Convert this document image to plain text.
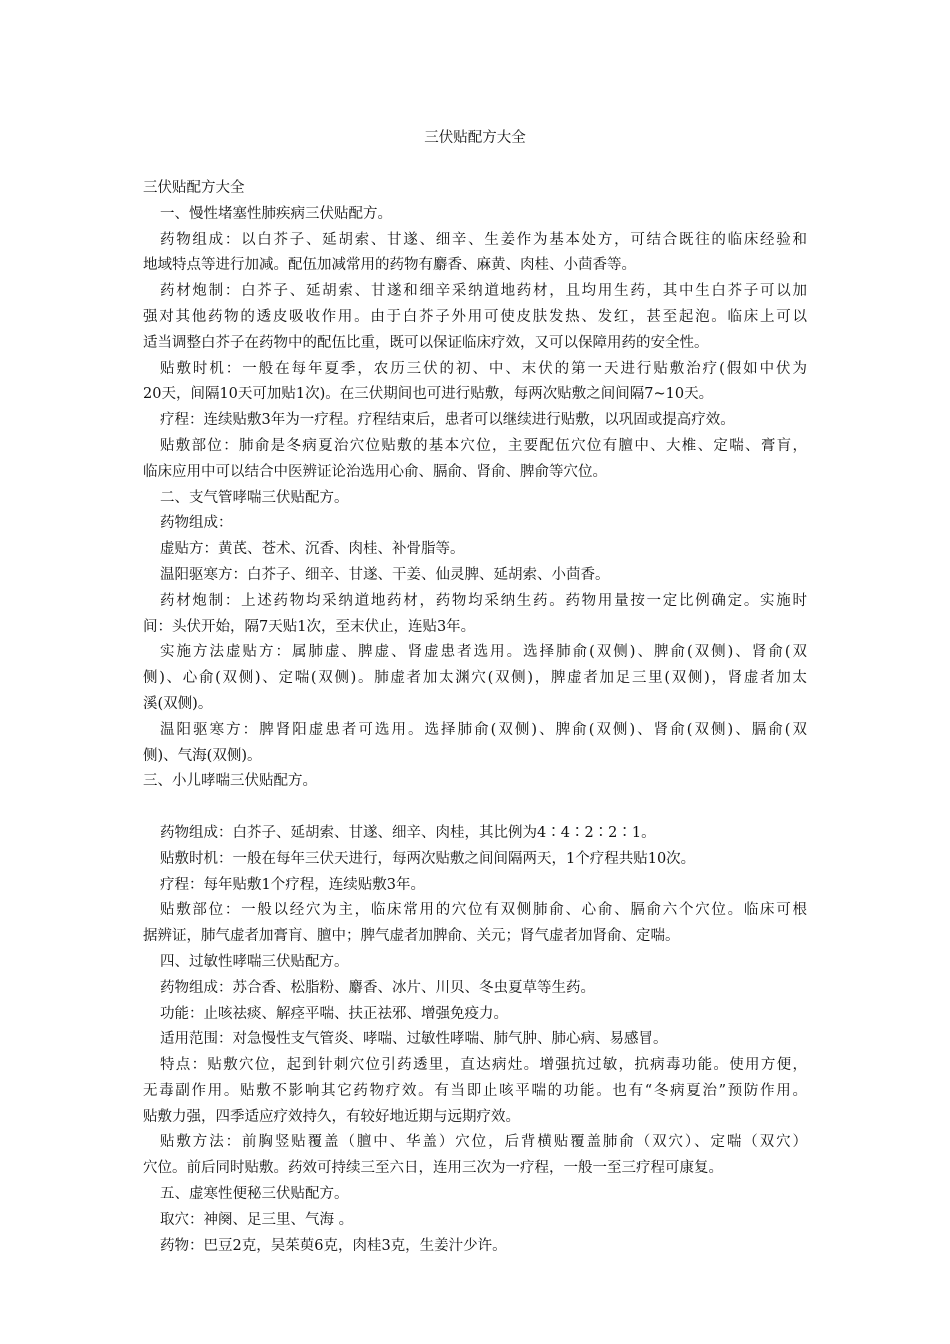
三伏贴配方大全
三伏贴配方大全
一、慢性堵塞性肺疾病三伏贴配方。
药物组成：以白芥子、延胡索、甘遂、细辛、生姜作为基本处方，可结合既往的临床经验和
地域特点等进行加减。配伍加减常用的药物有麝香、麻黄、肉桂、小茴香等。
药材炮制：白芥子、延胡索、甘遂和细辛采纳道地药材，且均用生药，其中生白芥子可以加
强对其他药物的透皮吸收作用。由于白芥子外用可使皮肤发热、发红，甚至起泡。临床上可以
适当调整白芥子在药物中的配伍比重，既可以保证临床疗效，又可以保障用药的安全性。
贴敷时机：一般在每年夏季，农历三伏的初、中、末伏的第一天进行贴敷治疗(假如中伏为
20天，间隔10天可加贴1次)。在三伏期间也可进行贴敷，每两次贴敷之间间隔7~10天。
疗程：连续贴敷3年为一疗程。疗程结束后，患者可以继续进行贴敷，以巩固或提高疗效。
贴敷部位：肺俞是冬病夏治穴位贴敷的基本穴位，主要配伍穴位有膻中、大椎、定喘、膏肓，
临床应用中可以结合中医辨证论治选用心俞、膈俞、肾俞、脾俞等穴位。
二、支气管哮喘三伏贴配方。
药物组成：
虚贴方：黄芪、苍术、沉香、肉桂、补骨脂等。
温阳驱寒方：白芥子、细辛、甘遂、干姜、仙灵脾、延胡索、小茴香。
药材炮制：上述药物均采纳道地药材，药物均采纳生药。药物用量按一定比例确定。实施时
间：头伏开始，隔7天贴1次，至末伏止，连贴3年。
实施方法虚贴方：属肺虚、脾虚、肾虚患者选用。选择肺俞(双侧)、脾俞(双侧)、肾俞(双
侧)、心俞(双侧)、定喘(双侧)。肺虚者加太渊穴(双侧)，脾虚者加足三里(双侧)，肾虚者加太
溪(双侧)。
温阳驱寒方：脾肾阳虚患者可选用。选择肺俞(双侧)、脾俞(双侧)、肾俞(双侧)、膈俞(双
侧)、气海(双侧)。
三、小儿哮喘三伏贴配方。
药物组成：白芥子、延胡索、甘遂、细辛、肉桂，其比例为4∶4∶2∶2∶1。
贴敷时机：一般在每年三伏天进行，每两次贴敷之间间隔两天，1个疗程共贴10次。
疗程：每年贴敷1个疗程，连续贴敷3年。
贴敷部位：一般以经穴为主，临床常用的穴位有双侧肺俞、心俞、膈俞六个穴位。临床可根
据辨证，肺气虚者加膏肓、膻中；脾气虚者加脾俞、关元；肾气虚者加肾俞、定喘。
四、过敏性哮喘三伏贴配方。
药物组成：苏合香、松脂粉、麝香、冰片、川贝、冬虫夏草等生药。
功能：止咳祛痰、解痉平喘、扶正祛邪、增强免疫力。
适用范围：对急慢性支气管炎、哮喘、过敏性哮喘、肺气肿、肺心病、易感冒。
特点：贴敷穴位，起到针刺穴位引药透里，直达病灶。增强抗过敏，抗病毒功能。使用方便，
无毒副作用。贴敷不影响其它药物疗效。有当即止咳平喘的功能。也有“冬病夏治”预防作用。
贴敷力强，四季适应疗效持久，有较好地近期与远期疗效。
贴敷方法：前胸竖贴覆盖（膻中、华盖）穴位，后背横贴覆盖肺俞（双穴）、定喘（双穴）
穴位。前后同时贴敷。药效可持续三至六日，连用三次为一疗程，一般一至三疗程可康复。
五、虚寒性便秘三伏贴配方。
取穴：神阕、足三里、气海 。
药物：巴豆2克，吴茱萸6克，肉桂3克，生姜汁少许。
